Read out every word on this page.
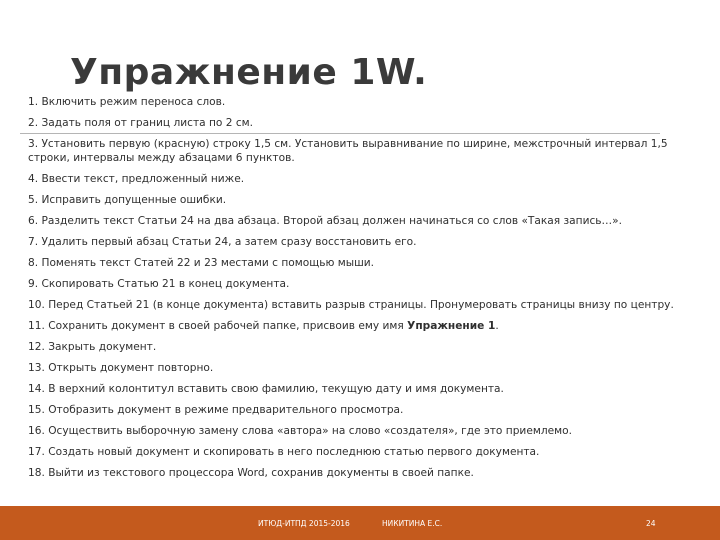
Упражнение 1W.
1. Включить режим переноса слов.
2. Задать поля от границ листа по 2 см.
3. Установить первую (красную) строку 1,5 см. Установить выравнивание по ширине, межстрочный интервал 1,5 строки, интервалы между абзацами 6 пунктов.
4. Ввести текст, предложенный ниже.
5. Исправить допущенные ошибки.
6. Разделить текст Статьи 24 на два абзаца. Второй абзац должен начинаться со слов «Такая запись…».
7. Удалить первый абзац Статьи 24, а затем сразу восстановить его.
8. Поменять текст Статей 22 и 23 местами с помощью мыши.
9. Скопировать Статью 21 в конец документа.
10. Перед Статьей 21 (в конце документа) вставить разрыв страницы. Пронумеровать страницы внизу по центру.
11. Сохранить документ в своей рабочей папке, присвоив ему имя Упражнение 1.
12. Закрыть документ.
13. Открыть документ повторно.
14. В верхний колонтитул вставить свою фамилию, текущую дату и имя документа.
15. Отобразить документ в режиме предварительного просмотра.
16. Осуществить выборочную замену слова «автора» на слово «создателя», где это приемлемо.
17. Создать новый документ и скопировать в него последнюю статью первого документа.
18. Выйти из текстового процессора Word, сохранив документы в своей папке.
ИТЮД-ИТПД 2015-2016	НИКИТИНА Е.С.	24
